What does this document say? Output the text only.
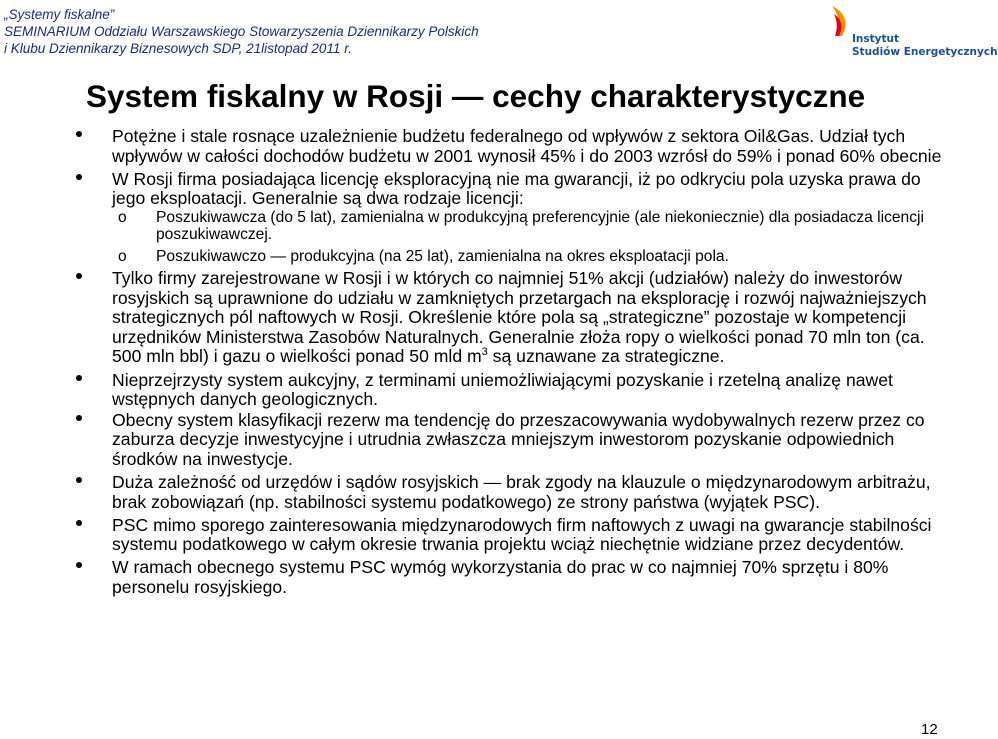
„Systemy fiskalne”
SEMINARIUM Oddziału Warszawskiego Stowarzyszenia Dziennikarzy Polskich
i Klubu Dziennikarzy Biznesowych SDP, 21listopad 2011 r.
Instytut
Studiów Energetycznych
System fiskalny w Rosji — cechy charakterystyczne
Potężne i stale rosnące uzależnienie budżetu federalnego od wpływów z sektora Oil&Gas. Udział tych wpływów w całości dochodów budżetu w 2001 wynosił 45% i do 2003 wzrósł do 59% i ponad 60% obecnie
W Rosji firma posiadająca licencję eksploracyjną nie ma gwarancji, iż po odkryciu pola uzyska prawa do jego eksploatacji. Generalnie są dwa rodzaje licencji:
o Poszukiwawcza (do 5 lat), zamienialna w produkcyjną preferencyjnie (ale niekoniecznie) dla posiadacza licencji poszukiwawczej.
o Poszukiwawczo — produkcyjna (na 25 lat), zamienialna na okres eksploatacji pola.
Tylko firmy zarejestrowane w Rosji i w których co najmniej 51% akcji (udziałów) należy do inwestorów rosyjskich są uprawnione do udziału w zamkniętych przetargach na eksplorację i rozwój najważniejszych strategicznych pól naftowych w Rosji. Określenie które pola są „strategiczne” pozostaje w kompetencji urzędników Ministerstwa Zasobów Naturalnych. Generalnie złoża ropy o wielkości ponad 70 mln ton (ca. 500 mln bbl) i gazu o wielkości ponad 50 mld $m^3$ są uznawane za strategiczne.
Nieprzejrzysty system aukcyjny, z terminami uniemożliwiającymi pozyskanie i rzetelną analizę nawet wstępnych danych geologicznych.
Obecny system klasyfikacji rezerw ma tendencję do przeszacowywania wydobywalnych rezerw przez co zaburza decyzje inwestycyjne i utrudnia zwłaszcza mniejszym inwestorom pozyskanie odpowiednich środków na inwestycje.
Duża zależność od urzędów i sądów rosyjskich — brak zgody na klauzule o międzynarodowym arbitrażu, brak zobowiązań (np. stabilności systemu podatkowego) ze strony państwa (wyjątek PSC).
PSC mimo sporego zainteresowania międzynarodowych firm naftowych z uwagi na gwarancje stabilności systemu podatkowego w całym okresie trwania projektu wciąż niechętnie widziane przez decydentów.
W ramach obecnego systemu PSC wymóg wykorzystania do prac w co najmniej 70% sprzętu i 80% personelu rosyjskiego.
12
